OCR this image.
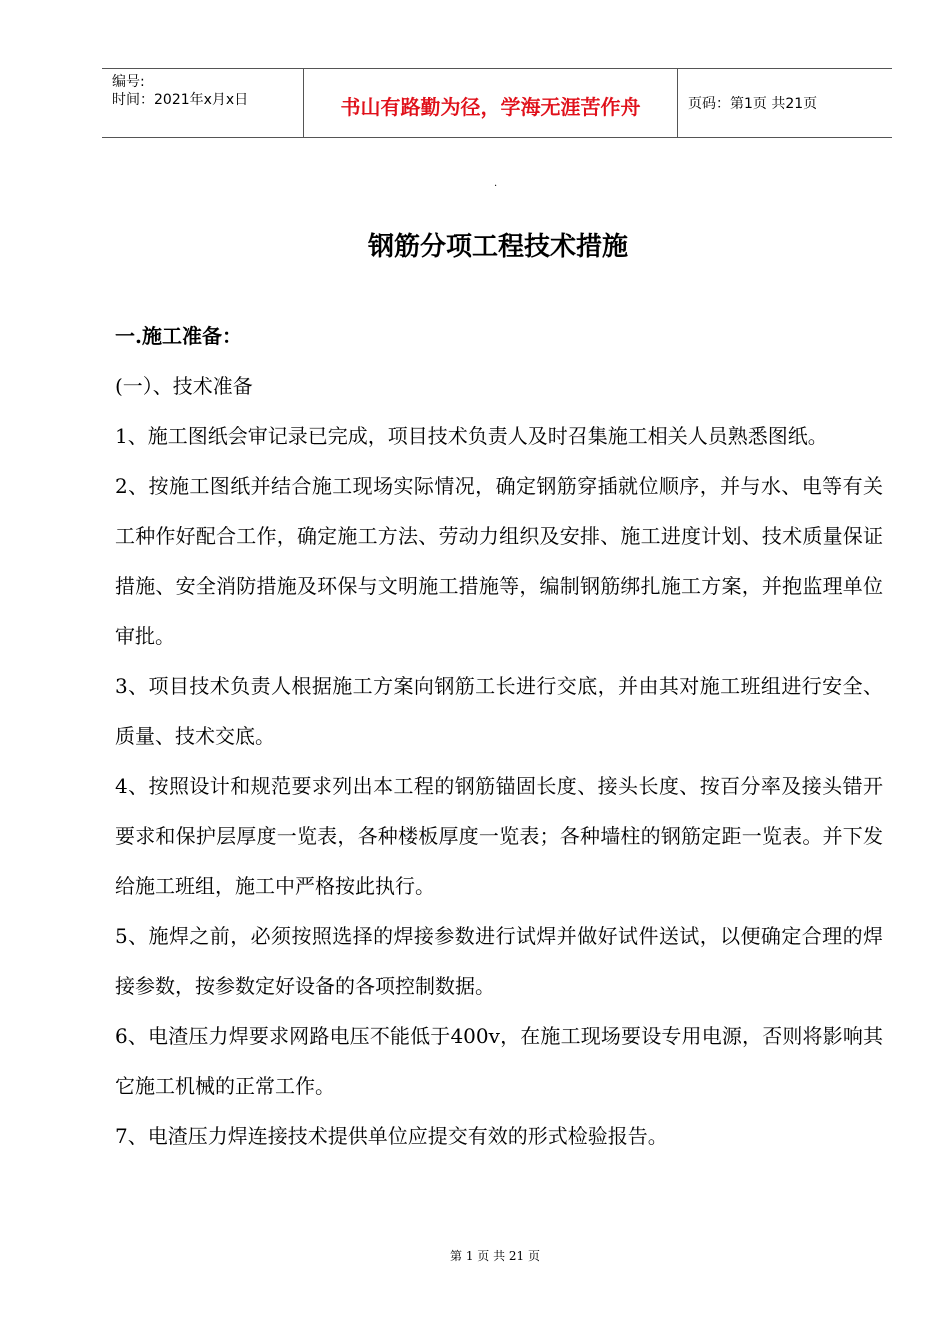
编号:
时间：2021年x月x日	书山有路勤为径，学海无涯苦作舟	页码：第1页 共21页
.
钢筋分项工程技术措施

一.施工准备：

(一）、技术准备

1、施工图纸会审记录已完成，项目技术负责人及时召集施工相关人员熟悉图纸。

2、按施工图纸并结合施工现场实际情况，确定钢筋穿插就位顺序，并与水、电等有关工种作好配合工作，确定施工方法、劳动力组织及安排、施工进度计划、技术质量保证措施、安全消防措施及环保与文明施工措施等，编制钢筋绑扎施工方案，并抱监理单位审批。

3、项目技术负责人根据施工方案向钢筋工长进行交底，并由其对施工班组进行安全、质量、技术交底。

4、按照设计和规范要求列出本工程的钢筋锚固长度、接头长度、按百分率及接头错开要求和保护层厚度一览表，各种楼板厚度一览表；各种墙柱的钢筋定距一览表。并下发给施工班组，施工中严格按此执行。

5、施焊之前，必须按照选择的焊接参数进行试焊并做好试件送试，以便确定合理的焊接参数，按参数定好设备的各项控制数据。

6、电渣压力焊要求网路电压不能低于400v，在施工现场要设专用电源，否则将影响其它施工机械的正常工作。

7、电渣压力焊连接技术提供单位应提交有效的形式检验报告。

第 1 页 共 21 页
